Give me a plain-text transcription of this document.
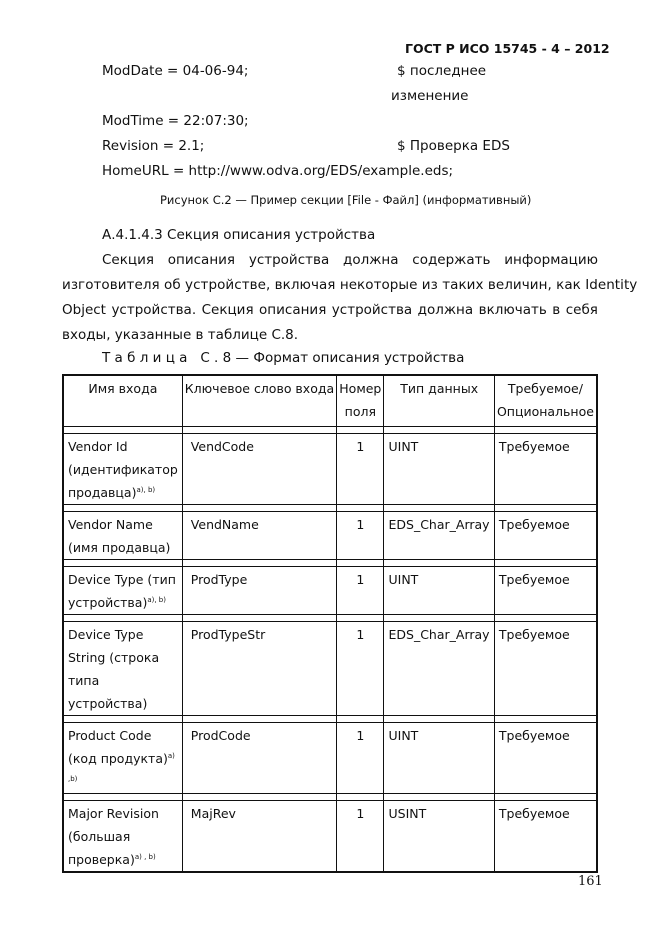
ГОСТ Р ИСО 15745 - 4 – 2012
ModDate = 04-06-94;	$ последнее
изменение
ModTime = 22:07:30;
Revision = 2.1;	$ Проверка EDS
HomeURL = http://www.odva.org/EDS/example.eds;
Рисунок С.2 — Пример секции [File - Файл] (информативный)
А.4.1.4.3 Секция описания устройства
Секция описания устройства должна содержать информацию
изготовителя об устройстве, включая некоторые из таких величин, как Identity
Object устройства. Секция описания устройства должна включать в себя
входы, указанные в таблице С.8.
Т а б л и ц а   С . 8 — Формат описания устройства
Имя входа	Ключевое слово входа	Номер поля	Тип данных	Требуемое/ Опциональное

Vendor Id (идентификатор продавца)$^{a), b)}$	VendCode	1	UINT	Требуемое

Vendor Name (имя продавца)	VendName	1	EDS_Char_Array	Требуемое

Device Type (тип устройства)$^{a), b)}$	ProdType	1	UINT	Требуемое

Device Type String (строка типа устройства)	ProdTypeStr	1	EDS_Char_Array	Требуемое

Product Code (код продукта)$^{a) ,b)}$	ProdCode	1	UINT	Требуемое

Major Revision (большая проверка)$^{a) , b)}$	MajRev	1	USINT	Требуемое
161
